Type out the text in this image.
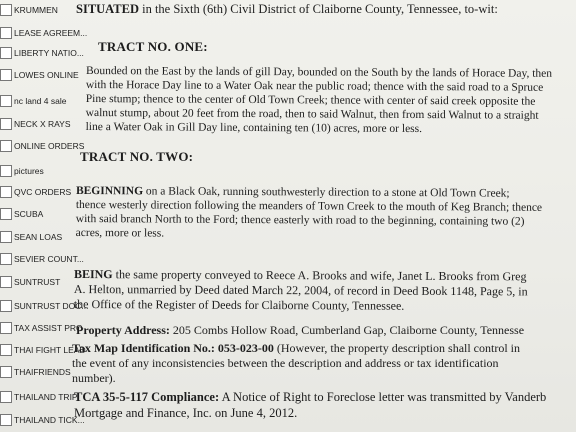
SITUATED in the Sixth (6th) Civil District of Claiborne County, Tennessee, to-wit:
TRACT NO. ONE:
Bounded on the East by the lands of gill Day, bounded on the South by the lands of Horace Day, then
with the Horace Day line to a Water Oak near the public road; thence with the said road to a Spruce
Pine stump; thence to the center of Old Town Creek; thence with center of said creek opposite the
walnut stump, about 20 feet from the road, then to said Walnut, then from said Walnut to a straight
line a Water Oak in Gill Day line, containing ten (10) acres, more or less.
TRACT NO. TWO:
BEGINNING on a Black Oak, running southwesterly direction to a stone at Old Town Creek;
thence westerly direction following the meanders of Town Creek to the mouth of Keg Branch; thence
with said branch North to the Ford; thence easterly with road to the beginning, containing two (2)
acres, more or less.
BEING the same property conveyed to Reece A. Brooks and wife, Janet L. Brooks from Greg
A. Helton, unmarried by Deed dated March 22, 2004, of record in Deed Book 1148, Page 5, in
the Office of the Register of Deeds for Claiborne County, Tennessee.
Property Address: 205 Combs Hollow Road, Cumberland Gap, Claiborne County, Tennesse
Tax Map Identification No.: 053-023-00 (However, the property description shall control in
the event of any inconsistencies between the description and address or tax identification
number).
TCA 35-5-117 Compliance: A Notice of Right to Foreclose letter was transmitted by Vanderb
Mortgage and Finance, Inc. on June 4, 2012.
KRUMMEN
LEASE AGREEM...
LIBERTY NATIO...
LOWES ONLINE
nc land 4 sale
NECK X RAYS
ONLINE ORDERS
pictures
QVC ORDERS
SCUBA
SEAN LOAS
SEVIER COUNT...
SUNTRUST
SUNTRUST DOC...
TAX ASSIST PRO
THAI FIGHT LEAD
THAIFRIENDS
THAILAND TRIP
THAILAND TICK...
